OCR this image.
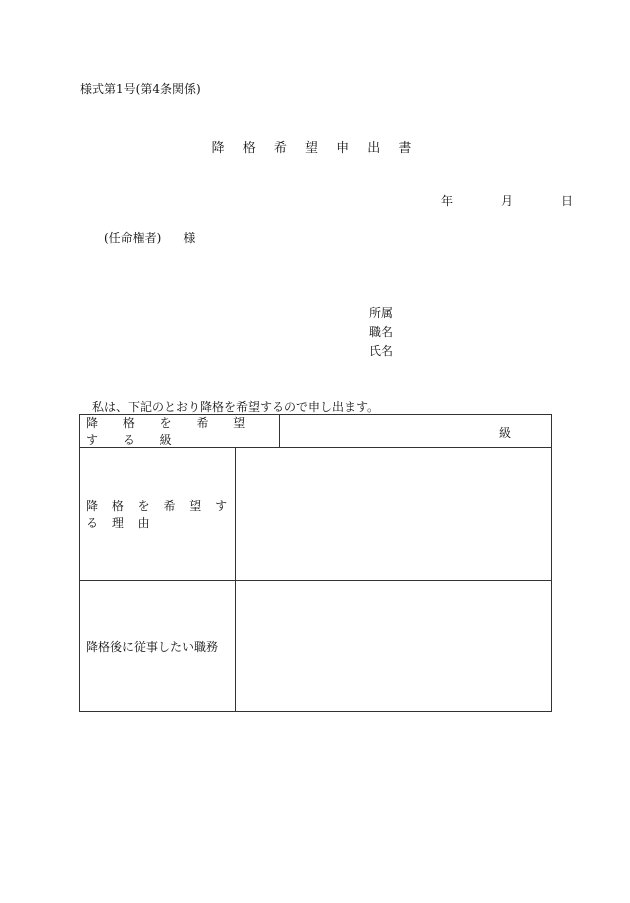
様式第1号(第4条関係)
降 格 希 望 申 出 書
年	月	日
(任命権者) 様
所属
職名
氏名
私は、下記のとおり降格を希望するので申し出ます。
降 格 を 希 望 す る 級	級
降 格 を 希 望 す る 理 由
降格後に従事したい職務
